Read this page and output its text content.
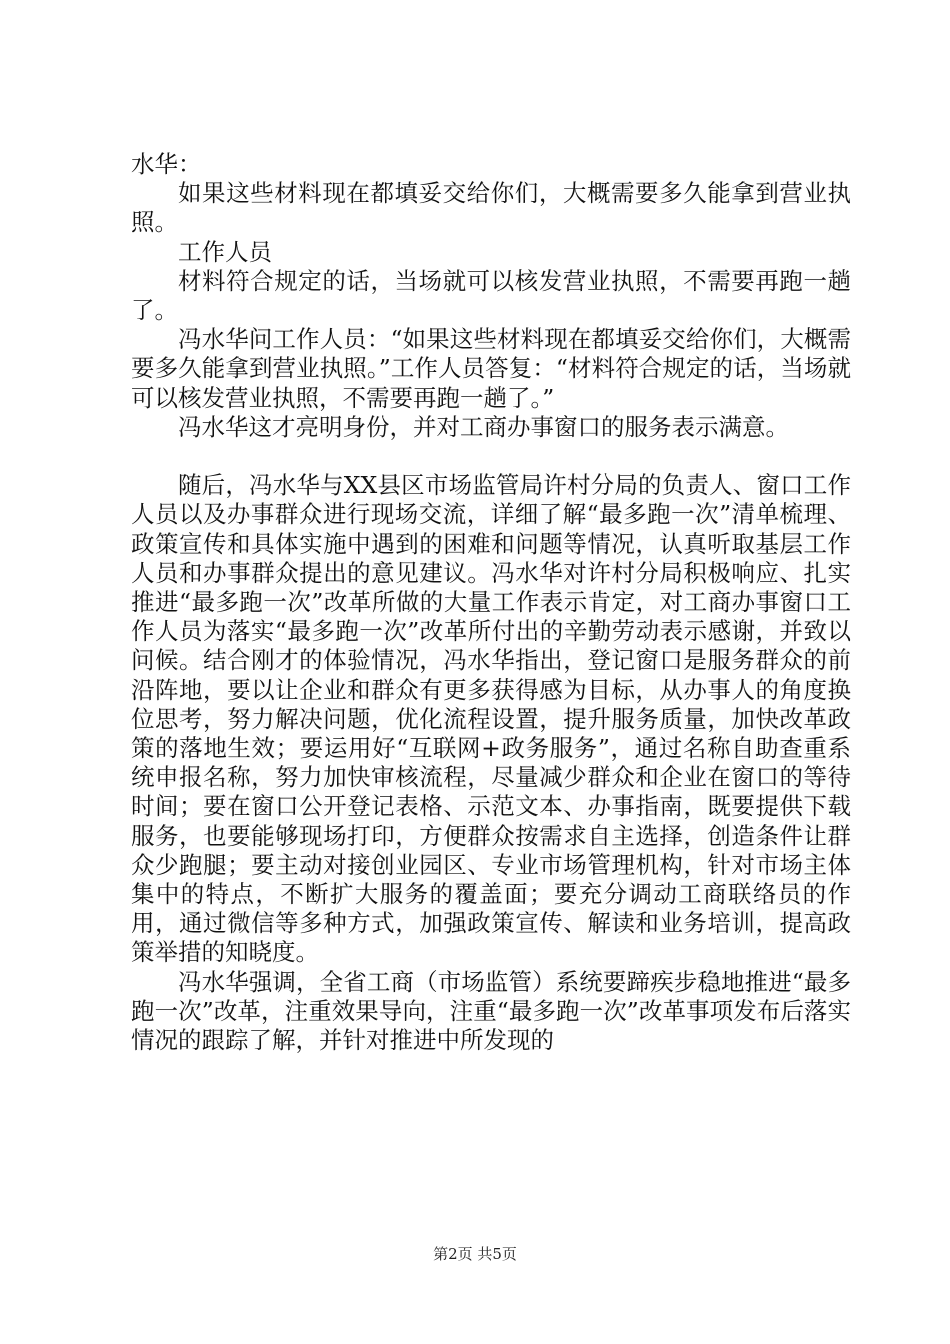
水华：

如果这些材料现在都填妥交给你们，大概需要多久能拿到营业执照。

工作人员

材料符合规定的话，当场就可以核发营业执照，不需要再跑一趟了。

冯水华问工作人员：“如果这些材料现在都填妥交给你们，大概需要多久能拿到营业执照。”工作人员答复：“材料符合规定的话，当场就可以核发营业执照，不需要再跑一趟了。”

冯水华这才亮明身份，并对工商办事窗口的服务表示满意。

随后，冯水华与XX县区市场监管局许村分局的负责人、窗口工作人员以及办事群众进行现场交流，详细了解“最多跑一次”清单梳理、政策宣传和具体实施中遇到的困难和问题等情况，认真听取基层工作人员和办事群众提出的意见建议。冯水华对许村分局积极响应、扎实推进“最多跑一次”改革所做的大量工作表示肯定，对工商办事窗口工作人员为落实“最多跑一次”改革所付出的辛勤劳动表示感谢，并致以问候。结合刚才的体验情况，冯水华指出，登记窗口是服务群众的前沿阵地，要以让企业和群众有更多获得感为目标，从办事人的角度换位思考，努力解决问题，优化流程设置，提升服务质量，加快改革政策的落地生效；要运用好“互联网+政务服务”，通过名称自助查重系统申报名称，努力加快审核流程，尽量减少群众和企业在窗口的等待时间；要在窗口公开登记表格、示范文本、办事指南，既要提供下载服务，也要能够现场打印，方便群众按需求自主选择，创造条件让群众少跑腿；要主动对接创业园区、专业市场管理机构，针对市场主体集中的特点，不断扩大服务的覆盖面；要充分调动工商联络员的作用，通过微信等多种方式，加强政策宣传、解读和业务培训，提高政策举措的知晓度。

冯水华强调，全省工商（市场监管）系统要蹄疾步稳地推进“最多跑一次”改革，注重效果导向，注重“最多跑一次”改革事项发布后落实情况的跟踪了解，并针对推进中所发现的

第2页 共5页
